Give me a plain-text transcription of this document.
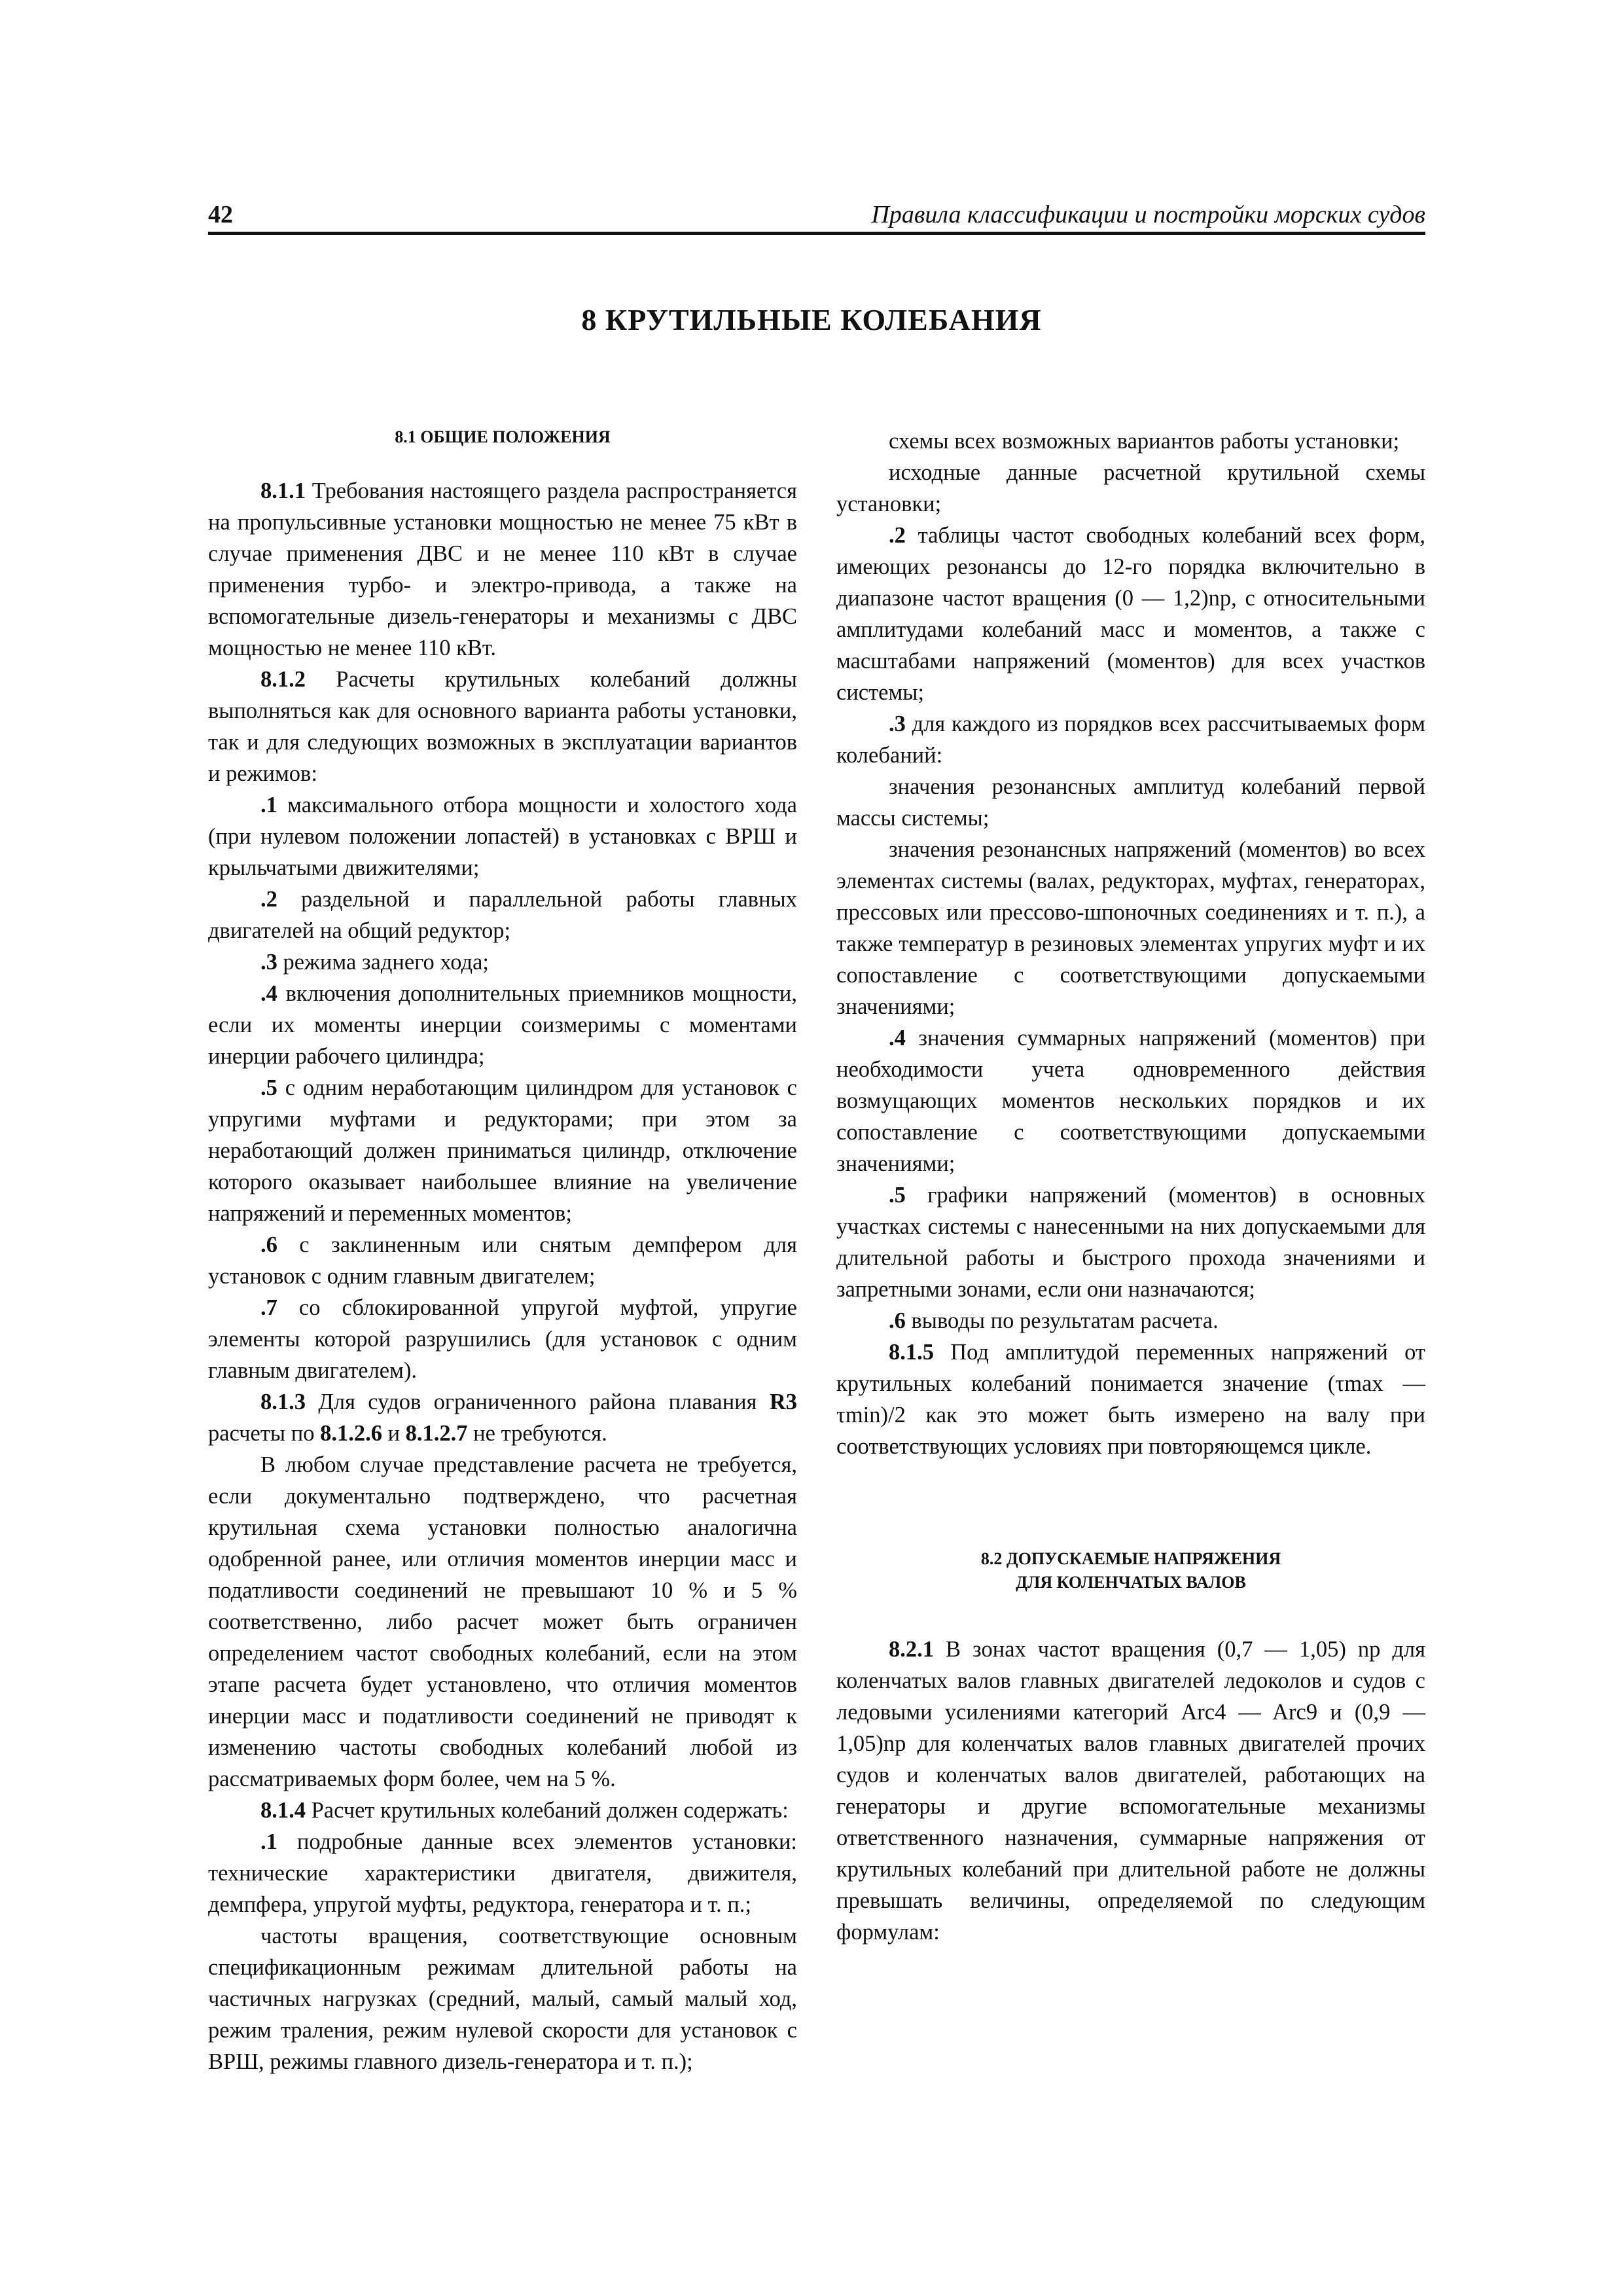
42	Правила классификации и постройки морских судов
8 КРУТИЛЬНЫЕ КОЛЕБАНИЯ

8.1 ОБЩИЕ ПОЛОЖЕНИЯ

8.1.1 Требования настоящего раздела распространяется на пропульсивные установки мощностью не менее 75 кВт в случае применения ДВС и не менее 110 кВт в случае применения турбо- и электро-привода, а также на вспомогательные дизель-генераторы и механизмы с ДВС мощностью не менее 110 кВт.

8.1.2 Расчеты крутильных колебаний должны выполняться как для основного варианта работы установки, так и для следующих возможных в эксплуатации вариантов и режимов:

.1 максимального отбора мощности и холостого хода (при нулевом положении лопастей) в установках с ВРШ и крыльчатыми движителями;

.2 раздельной и параллельной работы главных двигателей на общий редуктор;

.3 режима заднего хода;

.4 включения дополнительных приемников мощности, если их моменты инерции соизмеримы с моментами инерции рабочего цилиндра;

.5 с одним неработающим цилиндром для установок с упругими муфтами и редукторами; при этом за неработающий должен приниматься цилиндр, отключение которого оказывает наибольшее влияние на увеличение напряжений и переменных моментов;

.6 с заклиненным или снятым демпфером для установок с одним главным двигателем;

.7 со сблокированной упругой муфтой, упругие элементы которой разрушились (для установок с одним главным двигателем).

8.1.3 Для судов ограниченного района плавания R3 расчеты по 8.1.2.6 и 8.1.2.7 не требуются.

В любом случае представление расчета не требуется, если документально подтверждено, что расчетная крутильная схема установки полностью аналогична одобренной ранее, или отличия моментов инерции масс и податливости соединений не превышают 10 % и 5 % соответственно, либо расчет может быть ограничен определением частот свободных колебаний, если на этом этапе расчета будет установлено, что отличия моментов инерции масс и податливости соединений не приводят к изменению частоты свободных колебаний любой из рассматриваемых форм более, чем на 5 %.

8.1.4 Расчет крутильных колебаний должен содержать:

.1 подробные данные всех элементов установки: технические характеристики двигателя, движителя, демпфера, упругой муфты, редуктора, генератора и т. п.;

частоты вращения, соответствующие основным спецификационным режимам длительной работы на частичных нагрузках (средний, малый, самый малый ход, режим траления, режим нулевой скорости для установок с ВРШ, режимы главного дизель-генератора и т. п.);

схемы всех возможных вариантов работы установки;

исходные данные расчетной крутильной схемы установки;

.2 таблицы частот свободных колебаний всех форм, имеющих резонансы до 12-го порядка включительно в диапазоне частот вращения (0 — 1,2)nр, с относительными амплитудами колебаний масс и моментов, а также с масштабами напряжений (моментов) для всех участков системы;

.3 для каждого из порядков всех рассчитываемых форм колебаний:

значения резонансных амплитуд колебаний первой массы системы;

значения резонансных напряжений (моментов) во всех элементах системы (валах, редукторах, муфтах, генераторах, прессовых или прессово-шпоночных соединениях и т. п.), а также температур в резиновых элементах упругих муфт и их сопоставление с соответствующими допускаемыми значениями;

.4 значения суммарных напряжений (моментов) при необходимости учета одновременного действия возмущающих моментов нескольких порядков и их сопоставление с соответствующими допускаемыми значениями;

.5 графики напряжений (моментов) в основных участках системы с нанесенными на них допускаемыми для длительной работы и быстрого прохода значениями и запретными зонами, если они назначаются;

.6 выводы по результатам расчета.

8.1.5 Под амплитудой переменных напряжений от крутильных колебаний понимается значение (τmax — τmin)/2 как это может быть измерено на валу при соответствующих условиях при повторяющемся цикле.

8.2 ДОПУСКАЕМЫЕ НАПРЯЖЕНИЯ
ДЛЯ КОЛЕНЧАТЫХ ВАЛОВ

8.2.1 В зонах частот вращения (0,7 — 1,05) nр для коленчатых валов главных двигателей ледоколов и судов с ледовыми усилениями категорий Arc4 — Arc9 и (0,9 — 1,05)nр для коленчатых валов главных двигателей прочих судов и коленчатых валов двигателей, работающих на генераторы и другие вспомогательные механизмы ответственного назначения, суммарные напряжения от крутильных колебаний при длительной работе не должны превышать величины, определяемой по следующим формулам:
